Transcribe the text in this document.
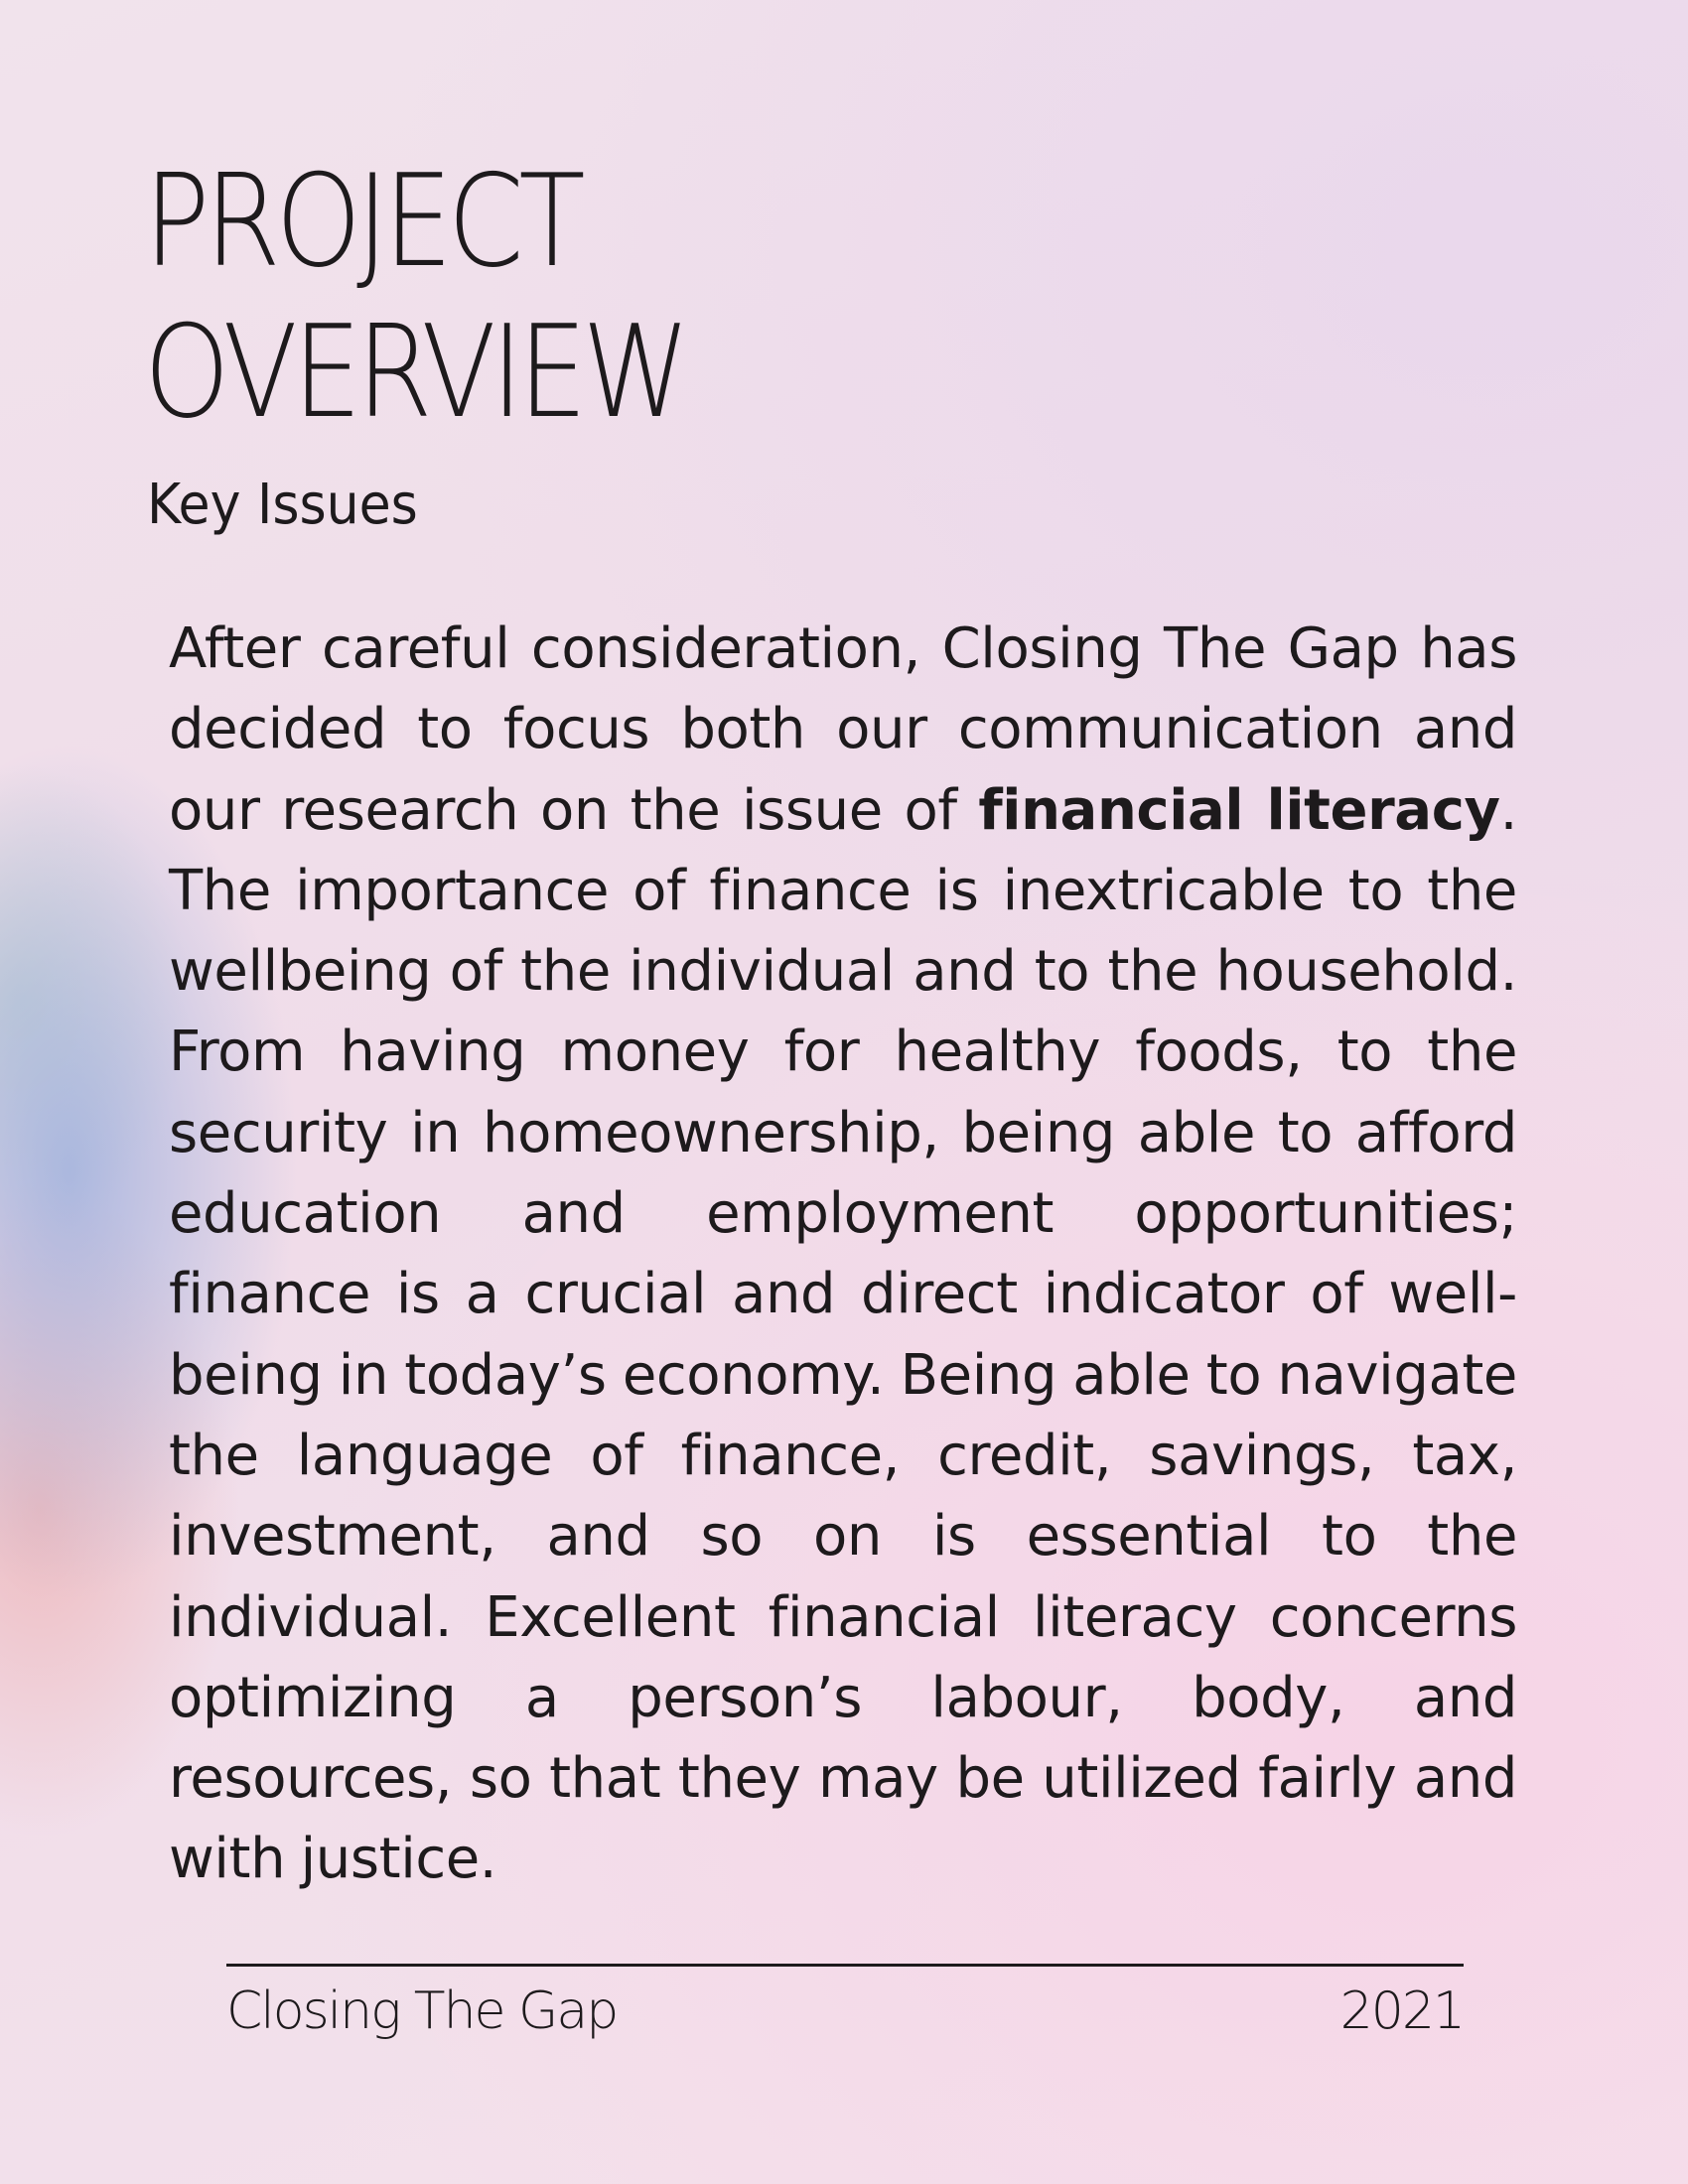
PROJECT
OVERVIEW
Key Issues

After careful consideration, Closing The Gap has decided to focus both our communication and our research on the issue of financial literacy. The importance of finance is inextricable to the wellbeing of the individual and to the household. From having money for healthy foods, to the security in homeownership, being able to afford education and employment opportunities; finance is a crucial and direct indicator of well-being in today’s economy. Being able to navigate the language of finance, credit, savings, tax, investment, and so on is essential to the individual. Excellent financial literacy concerns optimizing a person’s labour, body, and resources, so that they may be utilized fairly and with justice.

Closing The Gap	2021
